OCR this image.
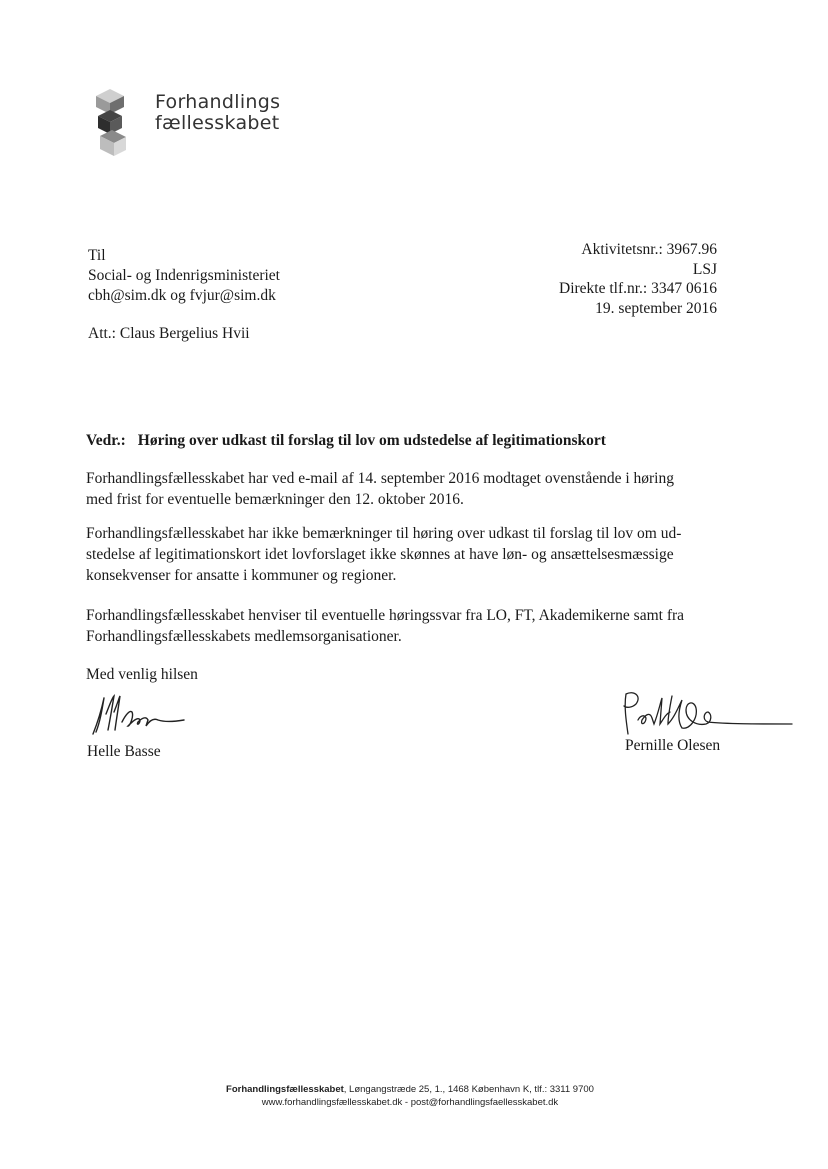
Forhandlings
fællesskabet
Til
Social- og Indenrigsministeriet
cbh@sim.dk og fvjur@sim.dk
Att.: Claus Bergelius Hvii
Aktivitetsnr.: 3967.96
LSJ
Direkte tlf.nr.: 3347 0616
19. september 2016
Vedr.: Høring over udkast til forslag til lov om udstedelse af legitimationskort
Forhandlingsfællesskabet har ved e-mail af 14. september 2016 modtaget ovenstående i høring
med frist for eventuelle bemærkninger den 12. oktober 2016.
Forhandlingsfællesskabet har ikke bemærkninger til høring over udkast til forslag til lov om ud-
stedelse af legitimationskort idet lovforslaget ikke skønnes at have løn- og ansættelsesmæssige
konsekvenser for ansatte i kommuner og regioner.
Forhandlingsfællesskabet henviser til eventuelle høringssvar fra LO, FT, Akademikerne samt fra
Forhandlingsfællesskabets medlemsorganisationer.
Med venlig hilsen
Helle Basse	Pernille Olesen
Forhandlingsfællesskabet, Løngangstræde 25, 1., 1468 København K, tlf.: 3311 9700
www.forhandlingsfællesskabet.dk - post@forhandlingsfaellesskabet.dk
